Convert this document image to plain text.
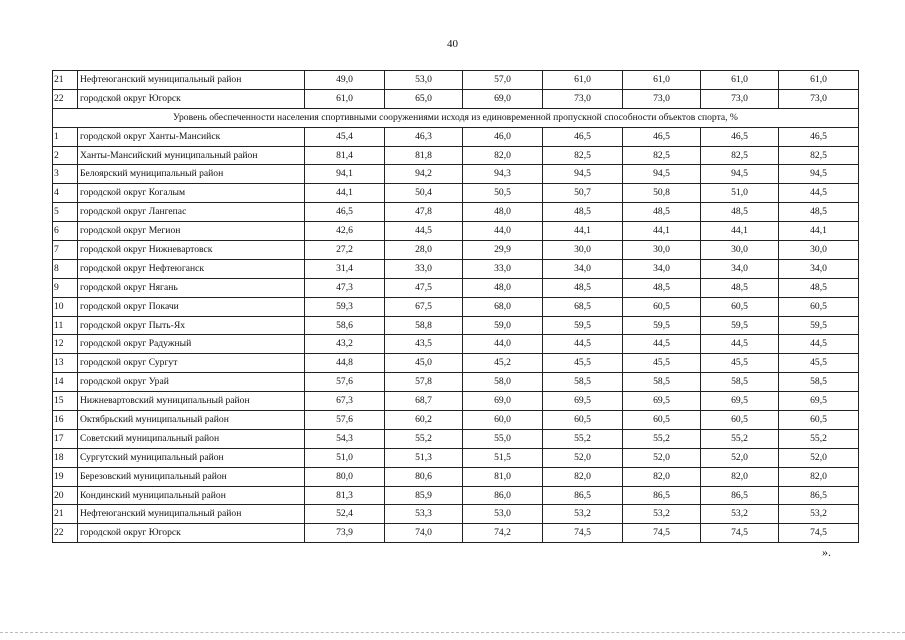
40
21	Нефтеюганский муниципальный район	49,0	53,0	57,0	61,0	61,0	61,0	61,0
22	городской округ Югорск	61,0	65,0	69,0	73,0	73,0	73,0	73,0
Уровень обеспеченности населения спортивными сооружениями исходя из единовременной пропускной способности объектов спорта, %								
1	городской округ Ханты-Мансийск	45,4	46,3	46,0	46,5	46,5	46,5	46,5
2	Ханты-Мансийский муниципальный район	81,4	81,8	82,0	82,5	82,5	82,5	82,5
3	Белоярский муниципальный район	94,1	94,2	94,3	94,5	94,5	94,5	94,5
4	городской округ Когалым	44,1	50,4	50,5	50,7	50,8	51,0	44,5
5	городской округ Лангепас	46,5	47,8	48,0	48,5	48,5	48,5	48,5
6	городской округ Мегион	42,6	44,5	44,0	44,1	44,1	44,1	44,1
7	городской округ Нижневартовск	27,2	28,0	29,9	30,0	30,0	30,0	30,0
8	городской округ Нефтеюганск	31,4	33,0	33,0	34,0	34,0	34,0	34,0
9	городской округ Нягань	47,3	47,5	48,0	48,5	48,5	48,5	48,5
10	городской округ Покачи	59,3	67,5	68,0	68,5	60,5	60,5	60,5
11	городской округ Пыть-Ях	58,6	58,8	59,0	59,5	59,5	59,5	59,5
12	городской округ Радужный	43,2	43,5	44,0	44,5	44,5	44,5	44,5
13	городской округ Сургут	44,8	45,0	45,2	45,5	45,5	45,5	45,5
14	городской округ Урай	57,6	57,8	58,0	58,5	58,5	58,5	58,5
15	Нижневартовский муниципальный район	67,3	68,7	69,0	69,5	69,5	69,5	69,5
16	Октябрьский муниципальный район	57,6	60,2	60,0	60,5	60,5	60,5	60,5
17	Советский муниципальный район	54,3	55,2	55,0	55,2	55,2	55,2	55,2
18	Сургутский муниципальный район	51,0	51,3	51,5	52,0	52,0	52,0	52,0
19	Березовский муниципальный район	80,0	80,6	81,0	82,0	82,0	82,0	82,0
20	Кондинский муниципальный район	81,3	85,9	86,0	86,5	86,5	86,5	86,5
21	Нефтеюганский муниципальный район	52,4	53,3	53,0	53,2	53,2	53,2	53,2
22	городской округ Югорск	73,9	74,0	74,2	74,5	74,5	74,5	74,5
».
